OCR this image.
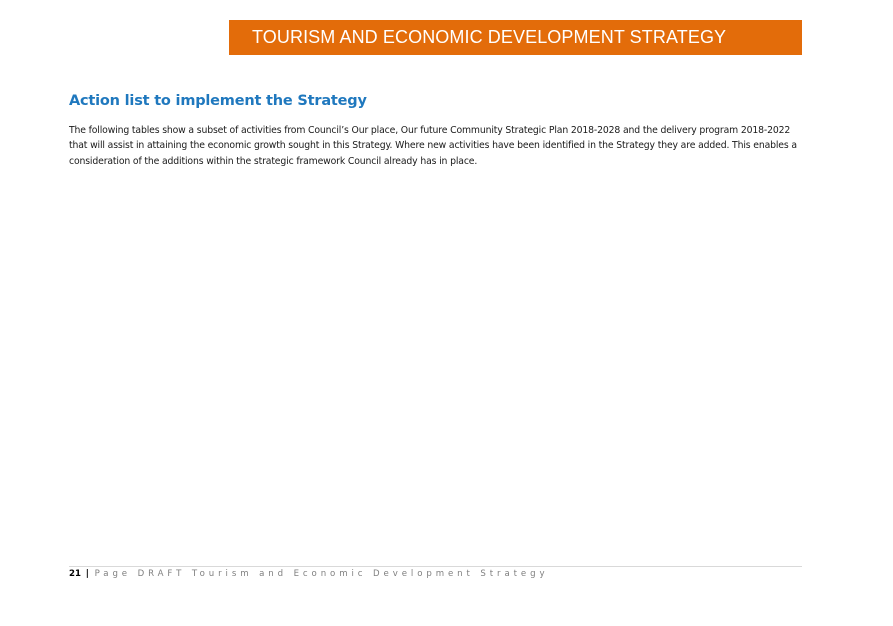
TOURISM AND ECONOMIC DEVELOPMENT STRATEGY
Action list to implement the Strategy

The following tables show a subset of activities from Council’s Our place, Our future Community Strategic Plan 2018-2028 and the delivery program 2018-2022 that will assist in attaining the economic growth sought in this Strategy. Where new activities have been identified in the Strategy they are added. This enables a consideration of the additions within the strategic framework Council already has in place.

21 | Page DRAFT Tourism and Economic Development Strategy
